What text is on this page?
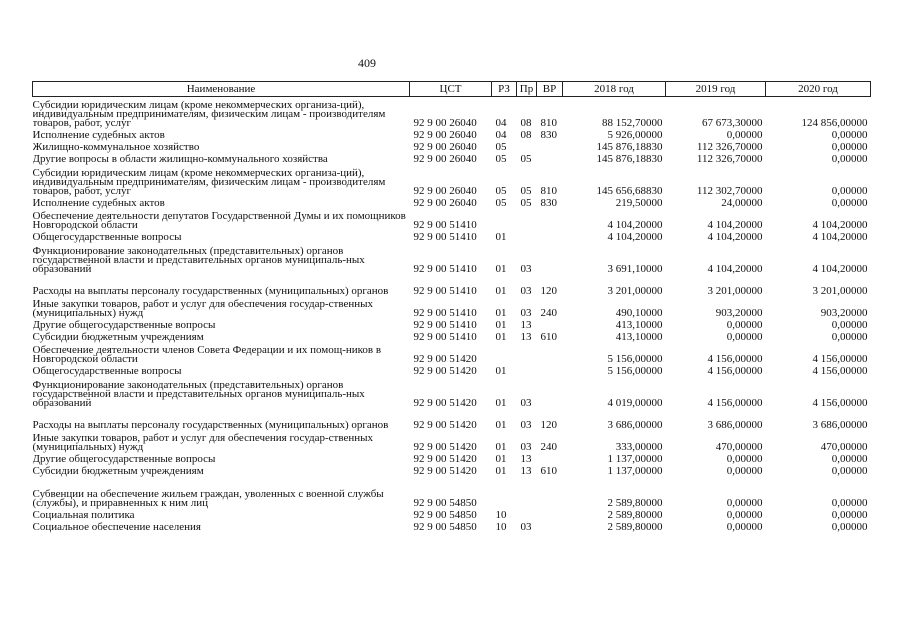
409
Наименование	ЦСТ	РЗ	Пр	ВР	2018 год	2019 год	2020 год
Субсидии юридическим лицам (кроме некоммерческих организа-ций), индивидуальным предпринимателям, физическим лицам - производителям товаров, работ, услуг	92 9 00 26040	04	08	810	88 152,70000	67 673,30000	124 856,00000
Исполнение судебных актов	92 9 00 26040	04	08	830	5 926,00000	0,00000	0,00000
Жилищно-коммунальное хозяйство	92 9 00 26040	05			145 876,18830	112 326,70000	0,00000
Другие вопросы в области жилищно-коммунального хозяйства	92 9 00 26040	05	05		145 876,18830	112 326,70000	0,00000
Субсидии юридическим лицам (кроме некоммерческих организа-ций), индивидуальным предпринимателям, физическим лицам - производителям товаров, работ, услуг	92 9 00 26040	05	05	810	145 656,68830	112 302,70000	0,00000
Исполнение судебных актов	92 9 00 26040	05	05	830	219,50000	24,00000	0,00000
Обеспечение деятельности депутатов Государственной Думы и их помощников Новгородской области	92 9 00 51410				4 104,20000	4 104,20000	4 104,20000
Общегосударственные вопросы	92 9 00 51410	01			4 104,20000	4 104,20000	4 104,20000
Функционирование законодательных (представительных) органов государственной власти и представительных органов муниципаль-ных образований	92 9 00 51410	01	03		3 691,10000	4 104,20000	4 104,20000
Расходы на выплаты персоналу государственных (муниципальных) органов	92 9 00 51410	01	03	120	3 201,00000	3 201,00000	3 201,00000
Иные закупки товаров, работ и услуг для обеспечения государ-ственных (муниципальных) нужд	92 9 00 51410	01	03	240	490,10000	903,20000	903,20000
Другие общегосударственные вопросы	92 9 00 51410	01	13		413,10000	0,00000	0,00000
Субсидии бюджетным учреждениям	92 9 00 51410	01	13	610	413,10000	0,00000	0,00000
Обеспечение деятельности членов Совета Федерации и их помощ-ников в Новгородской области	92 9 00 51420				5 156,00000	4 156,00000	4 156,00000
Общегосударственные вопросы	92 9 00 51420	01			5 156,00000	4 156,00000	4 156,00000
Функционирование законодательных (представительных) органов государственной власти и представительных органов муниципаль-ных образований	92 9 00 51420	01	03		4 019,00000	4 156,00000	4 156,00000
Расходы на выплаты персоналу государственных (муниципальных) органов	92 9 00 51420	01	03	120	3 686,00000	3 686,00000	3 686,00000
Иные закупки товаров, работ и услуг для обеспечения государ-ственных (муниципальных) нужд	92 9 00 51420	01	03	240	333,00000	470,00000	470,00000
Другие общегосударственные вопросы	92 9 00 51420	01	13		1 137,00000	0,00000	0,00000
Субсидии бюджетным учреждениям	92 9 00 51420	01	13	610	1 137,00000	0,00000	0,00000
Субвенции на обеспечение жильем граждан, уволенных с военной службы (службы), и приравненных к ним лиц	92 9 00 54850				2 589,80000	0,00000	0,00000
Социальная политика	92 9 00 54850	10			2 589,80000	0,00000	0,00000
Социальное обеспечение населения	92 9 00 54850	10	03		2 589,80000	0,00000	0,00000
